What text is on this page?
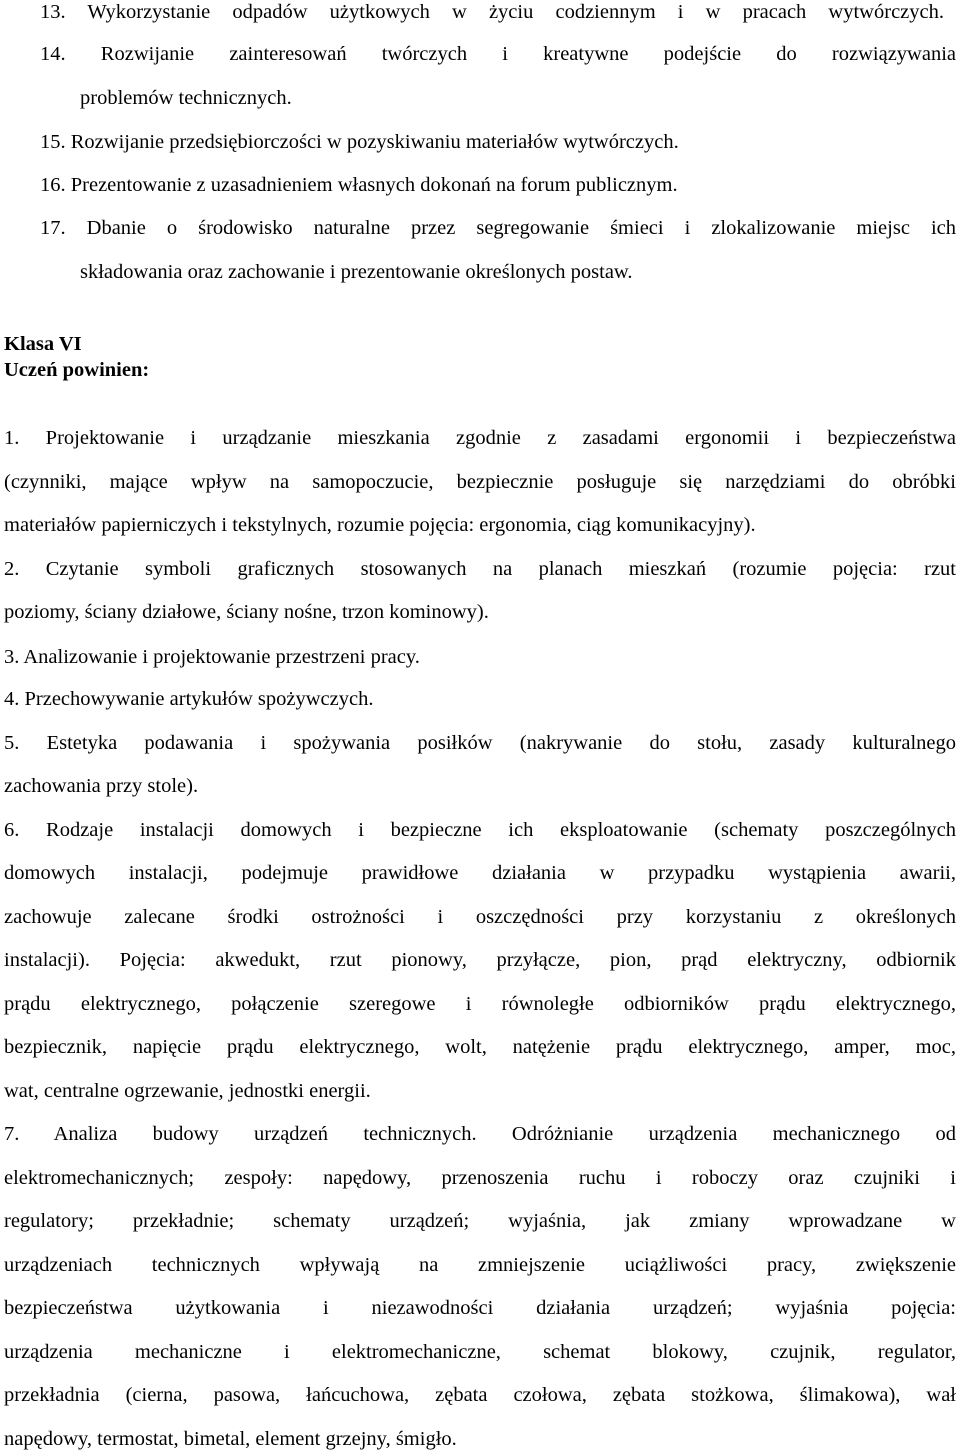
13. Wykorzystanie odpadów użytkowych w życiu codziennym i w pracach wytwórczych.
14. Rozwijanie zainteresowań twórczych i kreatywne podejście do rozwiązywania
problemów technicznych.
15. Rozwijanie przedsiębiorczości w pozyskiwaniu materiałów wytwórczych.
16. Prezentowanie z uzasadnieniem własnych dokonań na forum publicznym.
17. Dbanie o środowisko naturalne przez segregowanie śmieci i zlokalizowanie miejsc ich
składowania oraz zachowanie i prezentowanie określonych postaw.
Klasa VI
Uczeń powinien:
1. Projektowanie i urządzanie mieszkania zgodnie z zasadami ergonomii i bezpieczeństwa
(czynniki, mające wpływ na samopoczucie, bezpiecznie posługuje się narzędziami do obróbki
materiałów papierniczych i tekstylnych, rozumie pojęcia: ergonomia, ciąg komunikacyjny).
2. Czytanie symboli graficznych stosowanych na planach mieszkań (rozumie pojęcia: rzut
poziomy, ściany działowe, ściany nośne, trzon kominowy).
3. Analizowanie i projektowanie przestrzeni pracy.
4. Przechowywanie artykułów spożywczych.
5. Estetyka podawania i spożywania posiłków (nakrywanie do stołu, zasady kulturalnego
zachowania przy stole).
6. Rodzaje instalacji domowych i bezpieczne ich eksploatowanie (schematy poszczególnych
domowych instalacji, podejmuje prawidłowe działania w przypadku wystąpienia awarii,
zachowuje zalecane środki ostrożności i oszczędności przy korzystaniu z określonych
instalacji). Pojęcia: akwedukt, rzut pionowy, przyłącze, pion, prąd elektryczny, odbiornik
prądu elektrycznego, połączenie szeregowe i równoległe odbiorników prądu elektrycznego,
bezpiecznik, napięcie prądu elektrycznego, wolt, natężenie prądu elektrycznego, amper, moc,
wat, centralne ogrzewanie, jednostki energii.
7. Analiza budowy urządzeń technicznych. Odróżnianie urządzenia mechanicznego od
elektromechanicznych; zespoły: napędowy, przenoszenia ruchu i roboczy oraz czujniki i
regulatory; przekładnie; schematy urządzeń; wyjaśnia, jak zmiany wprowadzane w
urządzeniach technicznych wpływają na zmniejszenie uciążliwości pracy, zwiększenie
bezpieczeństwa użytkowania i niezawodności działania urządzeń; wyjaśnia pojęcia:
urządzenia mechaniczne i elektromechaniczne, schemat blokowy, czujnik, regulator,
przekładnia (cierna, pasowa, łańcuchowa, zębata czołowa, zębata stożkowa, ślimakowa), wał
napędowy, termostat, bimetal, element grzejny, śmigło.
